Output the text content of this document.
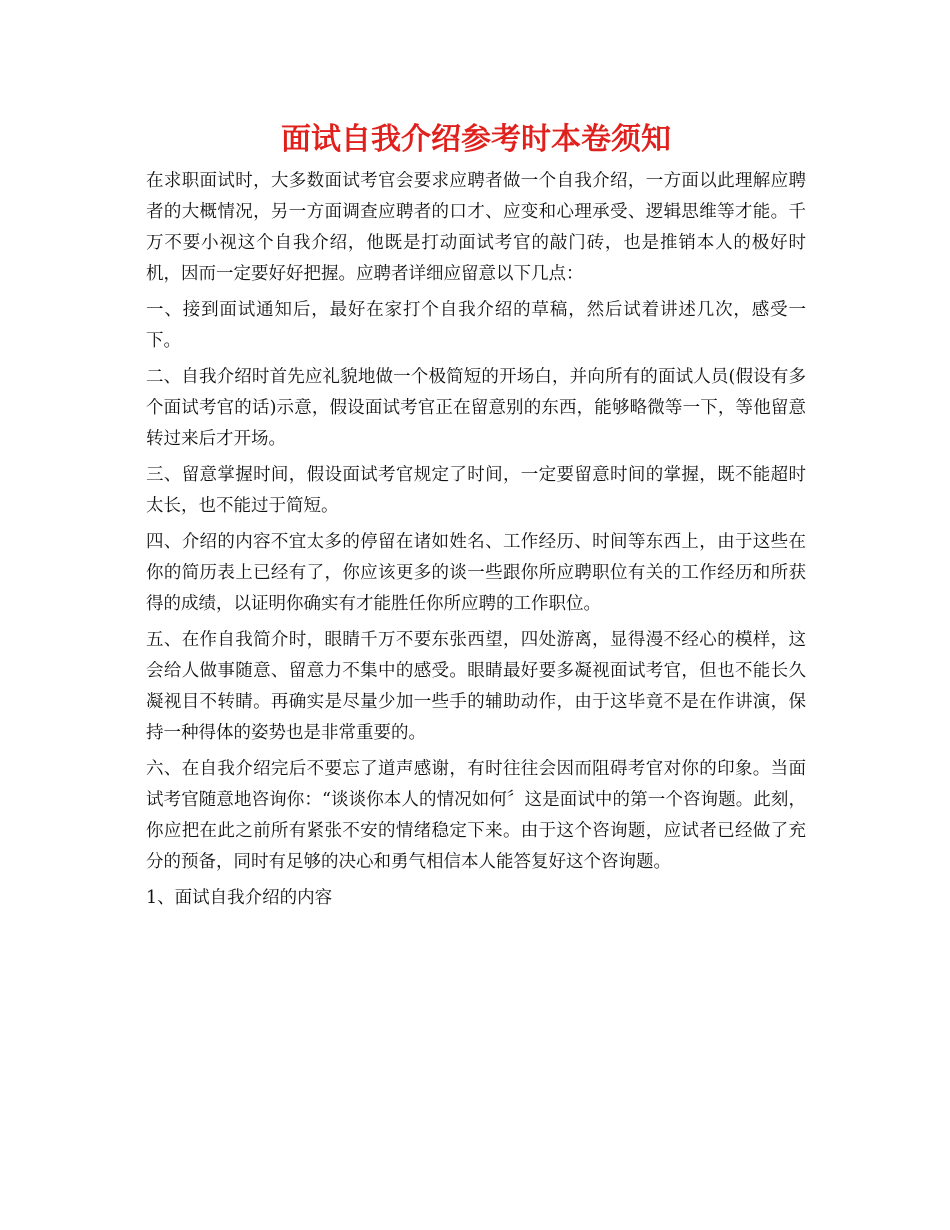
面试自我介绍参考时本卷须知

在求职面试时，大多数面试考官会要求应聘者做一个自我介绍，一方面以此理解应聘者的大概情况，另一方面调查应聘者的口才、应变和心理承受、逻辑思维等才能。千万不要小视这个自我介绍，他既是打动面试考官的敲门砖，也是推销本人的极好时机，因而一定要好好把握。应聘者详细应留意以下几点：

一、接到面试通知后，最好在家打个自我介绍的草稿，然后试着讲述几次，感受一下。

二、自我介绍时首先应礼貌地做一个极简短的开场白，并向所有的面试人员(假设有多个面试考官的话)示意，假设面试考官正在留意别的东西，能够略微等一下，等他留意转过来后才开场。

三、留意掌握时间，假设面试考官规定了时间，一定要留意时间的掌握，既不能超时太长，也不能过于简短。

四、介绍的内容不宜太多的停留在诸如姓名、工作经历、时间等东西上，由于这些在你的简历表上已经有了，你应该更多的谈一些跟你所应聘职位有关的工作经历和所获得的成绩，以证明你确实有才能胜任你所应聘的工作职位。

五、在作自我简介时，眼睛千万不要东张西望，四处游离，显得漫不经心的模样，这会给人做事随意、留意力不集中的感受。眼睛最好要多凝视面试考官，但也不能长久凝视目不转睛。再确实是尽量少加一些手的辅助动作，由于这毕竟不是在作讲演，保持一种得体的姿势也是非常重要的。

六、在自我介绍完后不要忘了道声感谢，有时往往会因而阻碍考官对你的印象。当面试考官随意地咨询你：“谈谈你本人的情况如何〞这是面试中的第一个咨询题。此刻，你应把在此之前所有紧张不安的情绪稳定下来。由于这个咨询题，应试者已经做了充分的预备，同时有足够的决心和勇气相信本人能答复好这个咨询题。

1、面试自我介绍的内容
